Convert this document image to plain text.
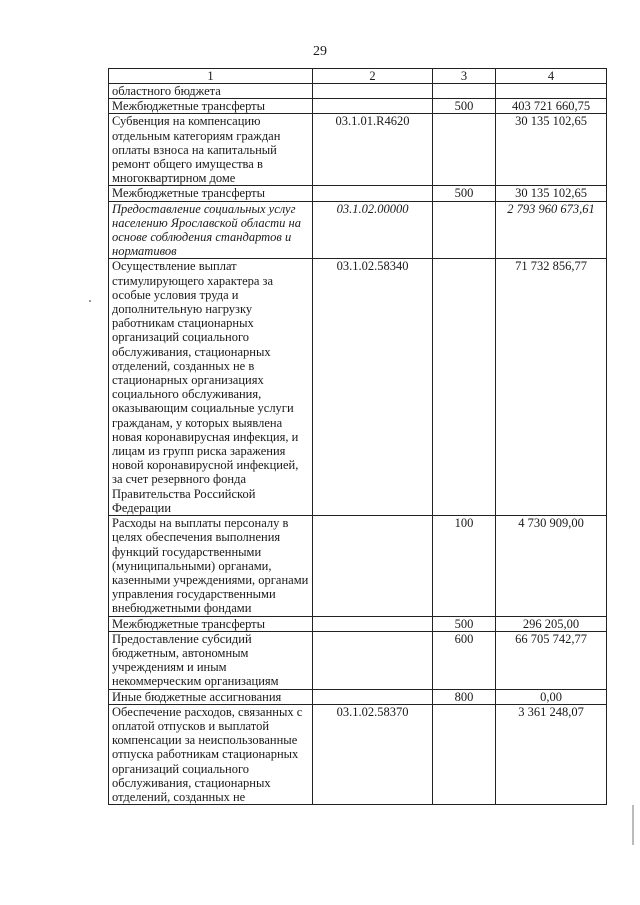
29
1	2	3	4
областного бюджета			
Межбюджетные трансферты		500	403 721 660,75
Субвенция на компенсацию отдельным категориям граждан оплаты взноса на капитальный ремонт общего имущества в многоквартирном доме	03.1.01.R4620		30 135 102,65
Межбюджетные трансферты		500	30 135 102,65
Предоставление социальных услуг населению Ярославской области на основе соблюдения стандартов и нормативов	03.1.02.00000		2 793 960 673,61
Осуществление выплат стимулирующего характера за особые условия труда и дополнительную нагрузку работникам стационарных организаций социального обслуживания, стационарных отделений, созданных не в стационарных организациях социального обслуживания, оказывающим социальные услуги гражданам, у которых выявлена новая коронавирусная инфекция, и лицам из групп риска заражения новой коронавирусной инфекцией, за счет резервного фонда Правительства Российской Федерации	03.1.02.58340		71 732 856,77
Расходы на выплаты персоналу в целях обеспечения выполнения функций государственными (муниципальными) органами, казенными учреждениями, органами управления государственными внебюджетными фондами		100	4 730 909,00
Межбюджетные трансферты		500	296 205,00
Предоставление субсидий бюджетным, автономным учреждениям и иным некоммерческим организациям		600	66 705 742,77
Иные бюджетные ассигнования		800	0,00
Обеспечение расходов, связанных с оплатой отпусков и выплатой компенсации за неиспользованные отпуска работникам стационарных организаций социального обслуживания, стационарных отделений, созданных не	03.1.02.58370		3 361 248,07
